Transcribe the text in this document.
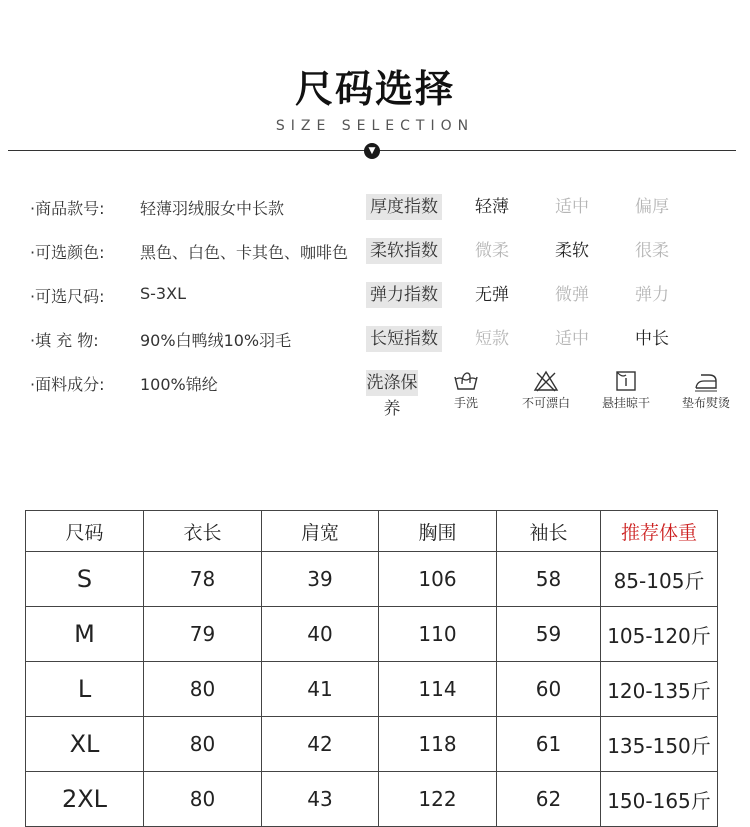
尺码选择
SIZE SELECTION
▼
·商品款号:	轻薄羽绒服女中长款
·可选颜色:	黑色、白色、卡其色、咖啡色
·可选尺码:	S-3XL
·填 充 物:	90%白鸭绒10%羽毛
·面料成分:	100%锦纶
厚度指数	轻薄	适中	偏厚
柔软指数	微柔	柔软	很柔
弹力指数	无弹	微弹	弹力
长短指数	短款	适中	中长
洗涤保养	手洗	不可漂白	悬挂晾干	垫布熨烫
尺码	衣长	肩宽	胸围	袖长	推荐体重
S	78	39	106	58	85-105斤
M	79	40	110	59	105-120斤
L	80	41	114	60	120-135斤
XL	80	42	118	61	135-150斤
2XL	80	43	122	62	150-165斤
